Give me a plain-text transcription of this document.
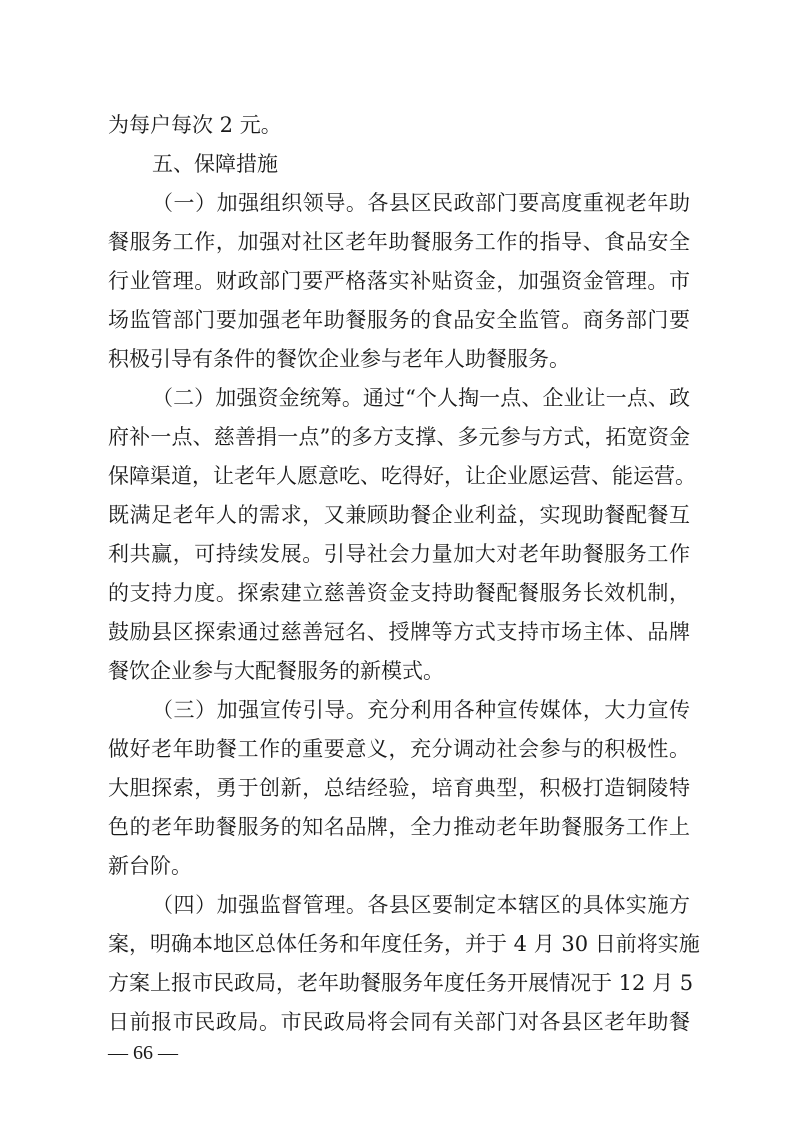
为每户每次 2 元。
五、保障措施
（一）加强组织领导。各县区民政部门要高度重视老年助
餐服务工作，加强对社区老年助餐服务工作的指导、食品安全
行业管理。财政部门要严格落实补贴资金，加强资金管理。市
场监管部门要加强老年助餐服务的食品安全监管。商务部门要
积极引导有条件的餐饮企业参与老年人助餐服务。
（二）加强资金统筹。通过“个人掏一点、企业让一点、政
府补一点、慈善捐一点”的多方支撑、多元参与方式，拓宽资金
保障渠道，让老年人愿意吃、吃得好，让企业愿运营、能运营。
既满足老年人的需求，又兼顾助餐企业利益，实现助餐配餐互
利共赢，可持续发展。引导社会力量加大对老年助餐服务工作
的支持力度。探索建立慈善资金支持助餐配餐服务长效机制，
鼓励县区探索通过慈善冠名、授牌等方式支持市场主体、品牌
餐饮企业参与大配餐服务的新模式。
（三）加强宣传引导。充分利用各种宣传媒体，大力宣传
做好老年助餐工作的重要意义，充分调动社会参与的积极性。
大胆探索，勇于创新，总结经验，培育典型，积极打造铜陵特
色的老年助餐服务的知名品牌，全力推动老年助餐服务工作上
新台阶。
（四）加强监督管理。各县区要制定本辖区的具体实施方
案，明确本地区总体任务和年度任务，并于 4 月 30 日前将实施
方案上报市民政局，老年助餐服务年度任务开展情况于 12 月 5
日前报市民政局。市民政局将会同有关部门对各县区老年助餐
— 66 —
